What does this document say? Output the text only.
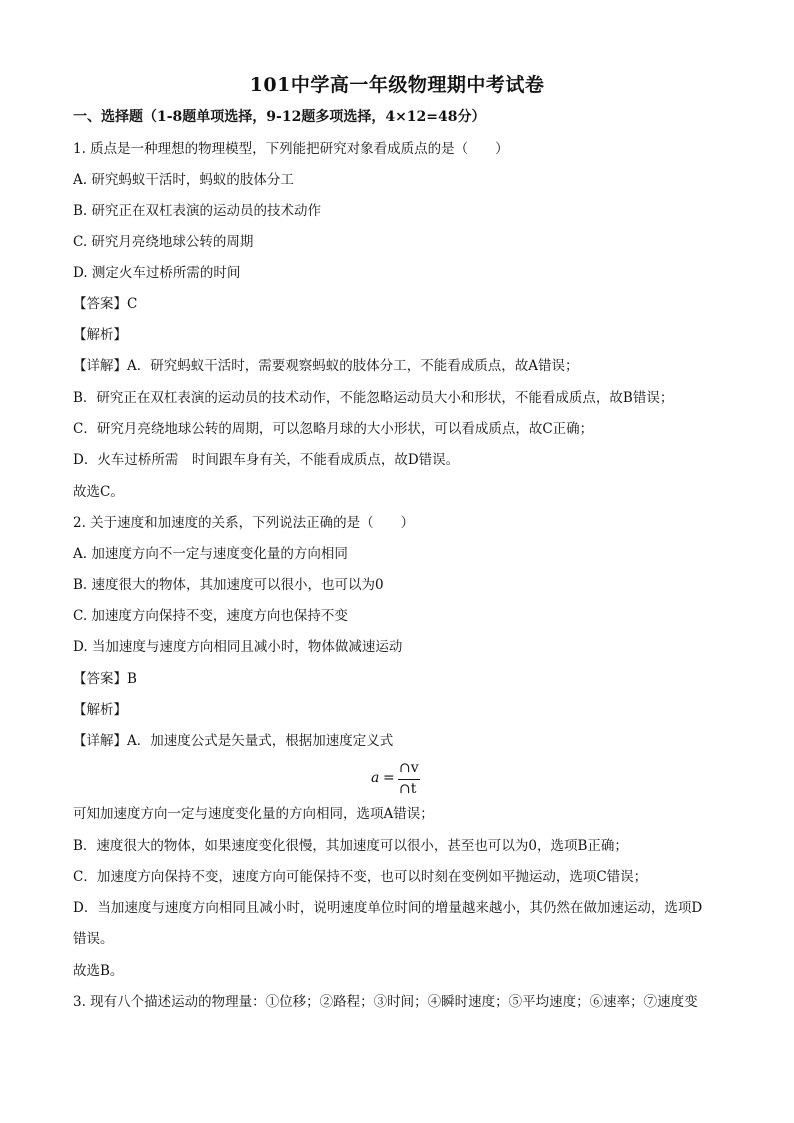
101中学高一年级物理期中考试卷
一、选择题（1-8题单项选择，9-12题多项选择，4×12=48分）
1. 质点是一种理想的物理模型，下列能把研究对象看成质点的是（　　）
A. 研究蚂蚁干活时，蚂蚁的肢体分工
B. 研究正在双杠表演的运动员的技术动作
C. 研究月亮绕地球公转的周期
D. 测定火车过桥所需的时间
【答案】C
【解析】
【详解】A．研究蚂蚁干活时，需要观察蚂蚁的肢体分工，不能看成质点，故A错误；
B．研究正在双杠表演的运动员的技术动作，不能忽略运动员大小和形状，不能看成质点，故B错误；
C．研究月亮绕地球公转的周期，可以忽略月球的大小形状，可以看成质点，故C正确；
D．火车过桥所需　时间跟车身有关，不能看成质点，故D错误。
故选C。
2. 关于速度和加速度的关系，下列说法正确的是（　　）
A. 加速度方向不一定与速度变化量的方向相同
B. 速度很大的物体，其加速度可以很小，也可以为0
C. 加速度方向保持不变，速度方向也保持不变
D. 当加速度与速度方向相同且减小时，物体做减速运动
【答案】B
【解析】
【详解】A．加速度公式是矢量式，根据加速度定义式
a =
∩v
∩t
可知加速度方向一定与速度变化量的方向相同，选项A错误；
B．速度很大的物体，如果速度变化很慢，其加速度可以很小，甚至也可以为0，选项B正确；
C．加速度方向保持不变，速度方向可能保持不变，也可以时刻在变例如平抛运动，选项C错误；
D．当加速度与速度方向相同且减小时，说明速度单位时间的增量越来越小，其仍然在做加速运动，选项D
错误。
故选B。
3. 现有八个描述运动的物理量：①位移；②路程；③时间；④瞬时速度；⑤平均速度；⑥速率；⑦速度变
